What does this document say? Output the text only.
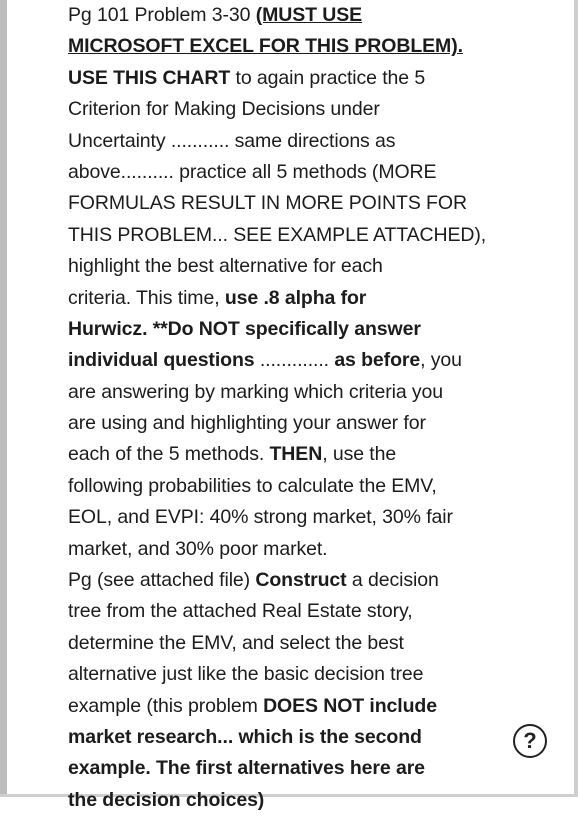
Pg 101 Problem 3-30 (MUST USE
MICROSOFT EXCEL FOR THIS PROBLEM).
USE THIS CHART to again practice the 5
Criterion for Making Decisions under
Uncertainty ........... same directions as
above.......... practice all 5 methods (MORE
FORMULAS RESULT IN MORE POINTS FOR
THIS PROBLEM... SEE EXAMPLE ATTACHED),
highlight the best alternative for each
criteria. This time, use .8 alpha for
Hurwicz. **Do NOT specifically answer
individual questions ............. as before, you
are answering by marking which criteria you
are using and highlighting your answer for
each of the 5 methods. THEN, use the
following probabilities to calculate the EMV,
EOL, and EVPI: 40% strong market, 30% fair
market, and 30% poor market.
Pg (see attached file) Construct a decision
tree from the attached Real Estate story,
determine the EMV, and select the best
alternative just like the basic decision tree
example (this problem DOES NOT include
market research... which is the second
example. The first alternatives here are
the decision choices)
?
